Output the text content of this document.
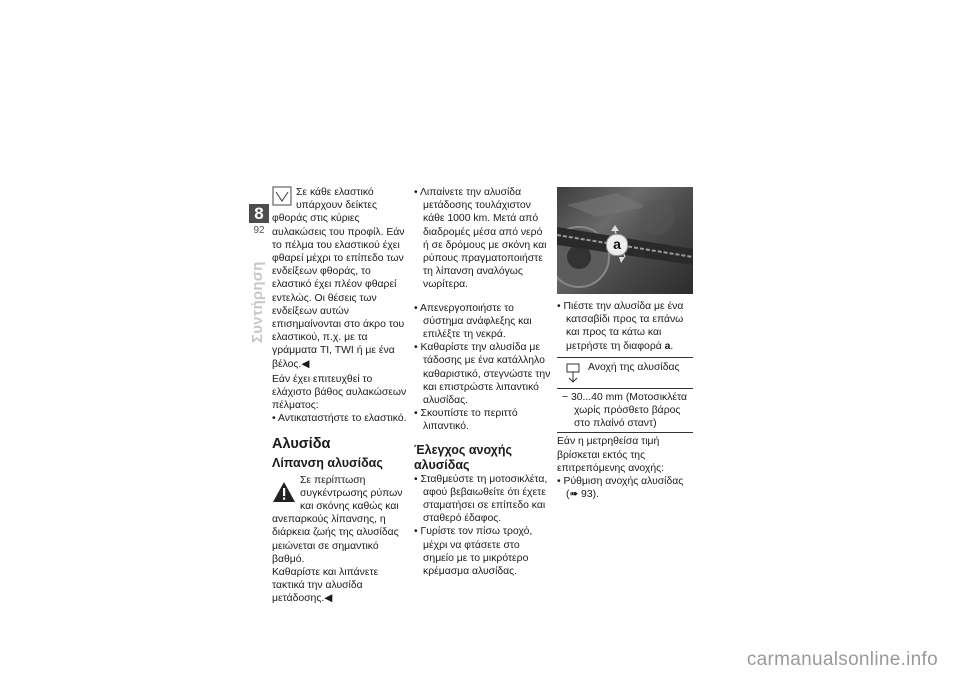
8
92
Συντήρηση

Σε κάθε ελαστικό υπάρχουν δείκτες φθοράς στις κύριες αυλακώσεις του προφίλ. Εάν το πέλμα του ελαστικού έχει φθαρεί μέχρι το επίπεδο των ενδείξεων φθοράς, το ελαστικό έχει πλέον φθαρεί εντελώς. Οι θέσεις των ενδείξεων αυτών επισημαίνονται στο άκρο του ελαστικού, π.χ. με τα γράμματα TI, TWI ή με ένα βέλος.◀

Εάν έχει επιτευχθεί το ελάχιστο βάθος αυλακώσεων πέλματος:

• Αντικαταστήστε το ελαστικό.

Αλυσίδα

Λίπανση αλυσίδας

Σε περίπτωση συγκέντρωσης ρύπων και σκόνης καθώς και ανεπαρκούς λίπανσης, η διάρκεια ζωής της αλυσίδας μειώνεται σε σημαντικό βαθμό.

Καθαρίστε και λιπάνετε τακτικά την αλυσίδα μετάδοσης.◀

• Λιπαίνετε την αλυσίδα μετάδοσης τουλάχιστον κάθε 1000 km. Μετά από διαδρομές μέσα από νερό ή σε δρόμους με σκόνη και ρύπους πραγματοποιήστε τη λίπανση αναλόγως νωρίτερα.

• Απενεργοποιήστε το σύστημα ανάφλεξης και επιλέξτε τη νεκρά.

• Καθαρίστε την αλυσίδα με τάδοσης με ένα κατάλληλο καθαριστικό, στεγνώστε την και επιστρώστε λιπαντικό αλυσίδας.

• Σκουπίστε το περιττό λιπαντικό.

Έλεγχος ανοχής αλυσίδας

• Σταθμεύστε τη μοτοσικλέτα, αφού βεβαιωθείτε ότι έχετε σταματήσει σε επίπεδο και σταθερό έδαφος.

• Γυρίστε τον πίσω τροχό, μέχρι να φτάσετε στο σημείο με το μικρότερο κρέμασμα αλυσίδας.

a

• Πιέστε την αλυσίδα με ένα κατσαβίδι προς τα επάνω και προς τα κάτω και μετρήστε τη διαφορά a.

Ανοχή της αλυσίδας

− 30...40 mm (Μοτοσικλέτα χωρίς πρόσθετο βάρος στο πλαίνό σταντ)

Εάν η μετρηθείσα τιμή βρίσκεται εκτός της επιτρεπόμενης ανοχής:

• Ρύθμιση ανοχής αλυσίδας (➠ 93).

carmanualsonline.info
